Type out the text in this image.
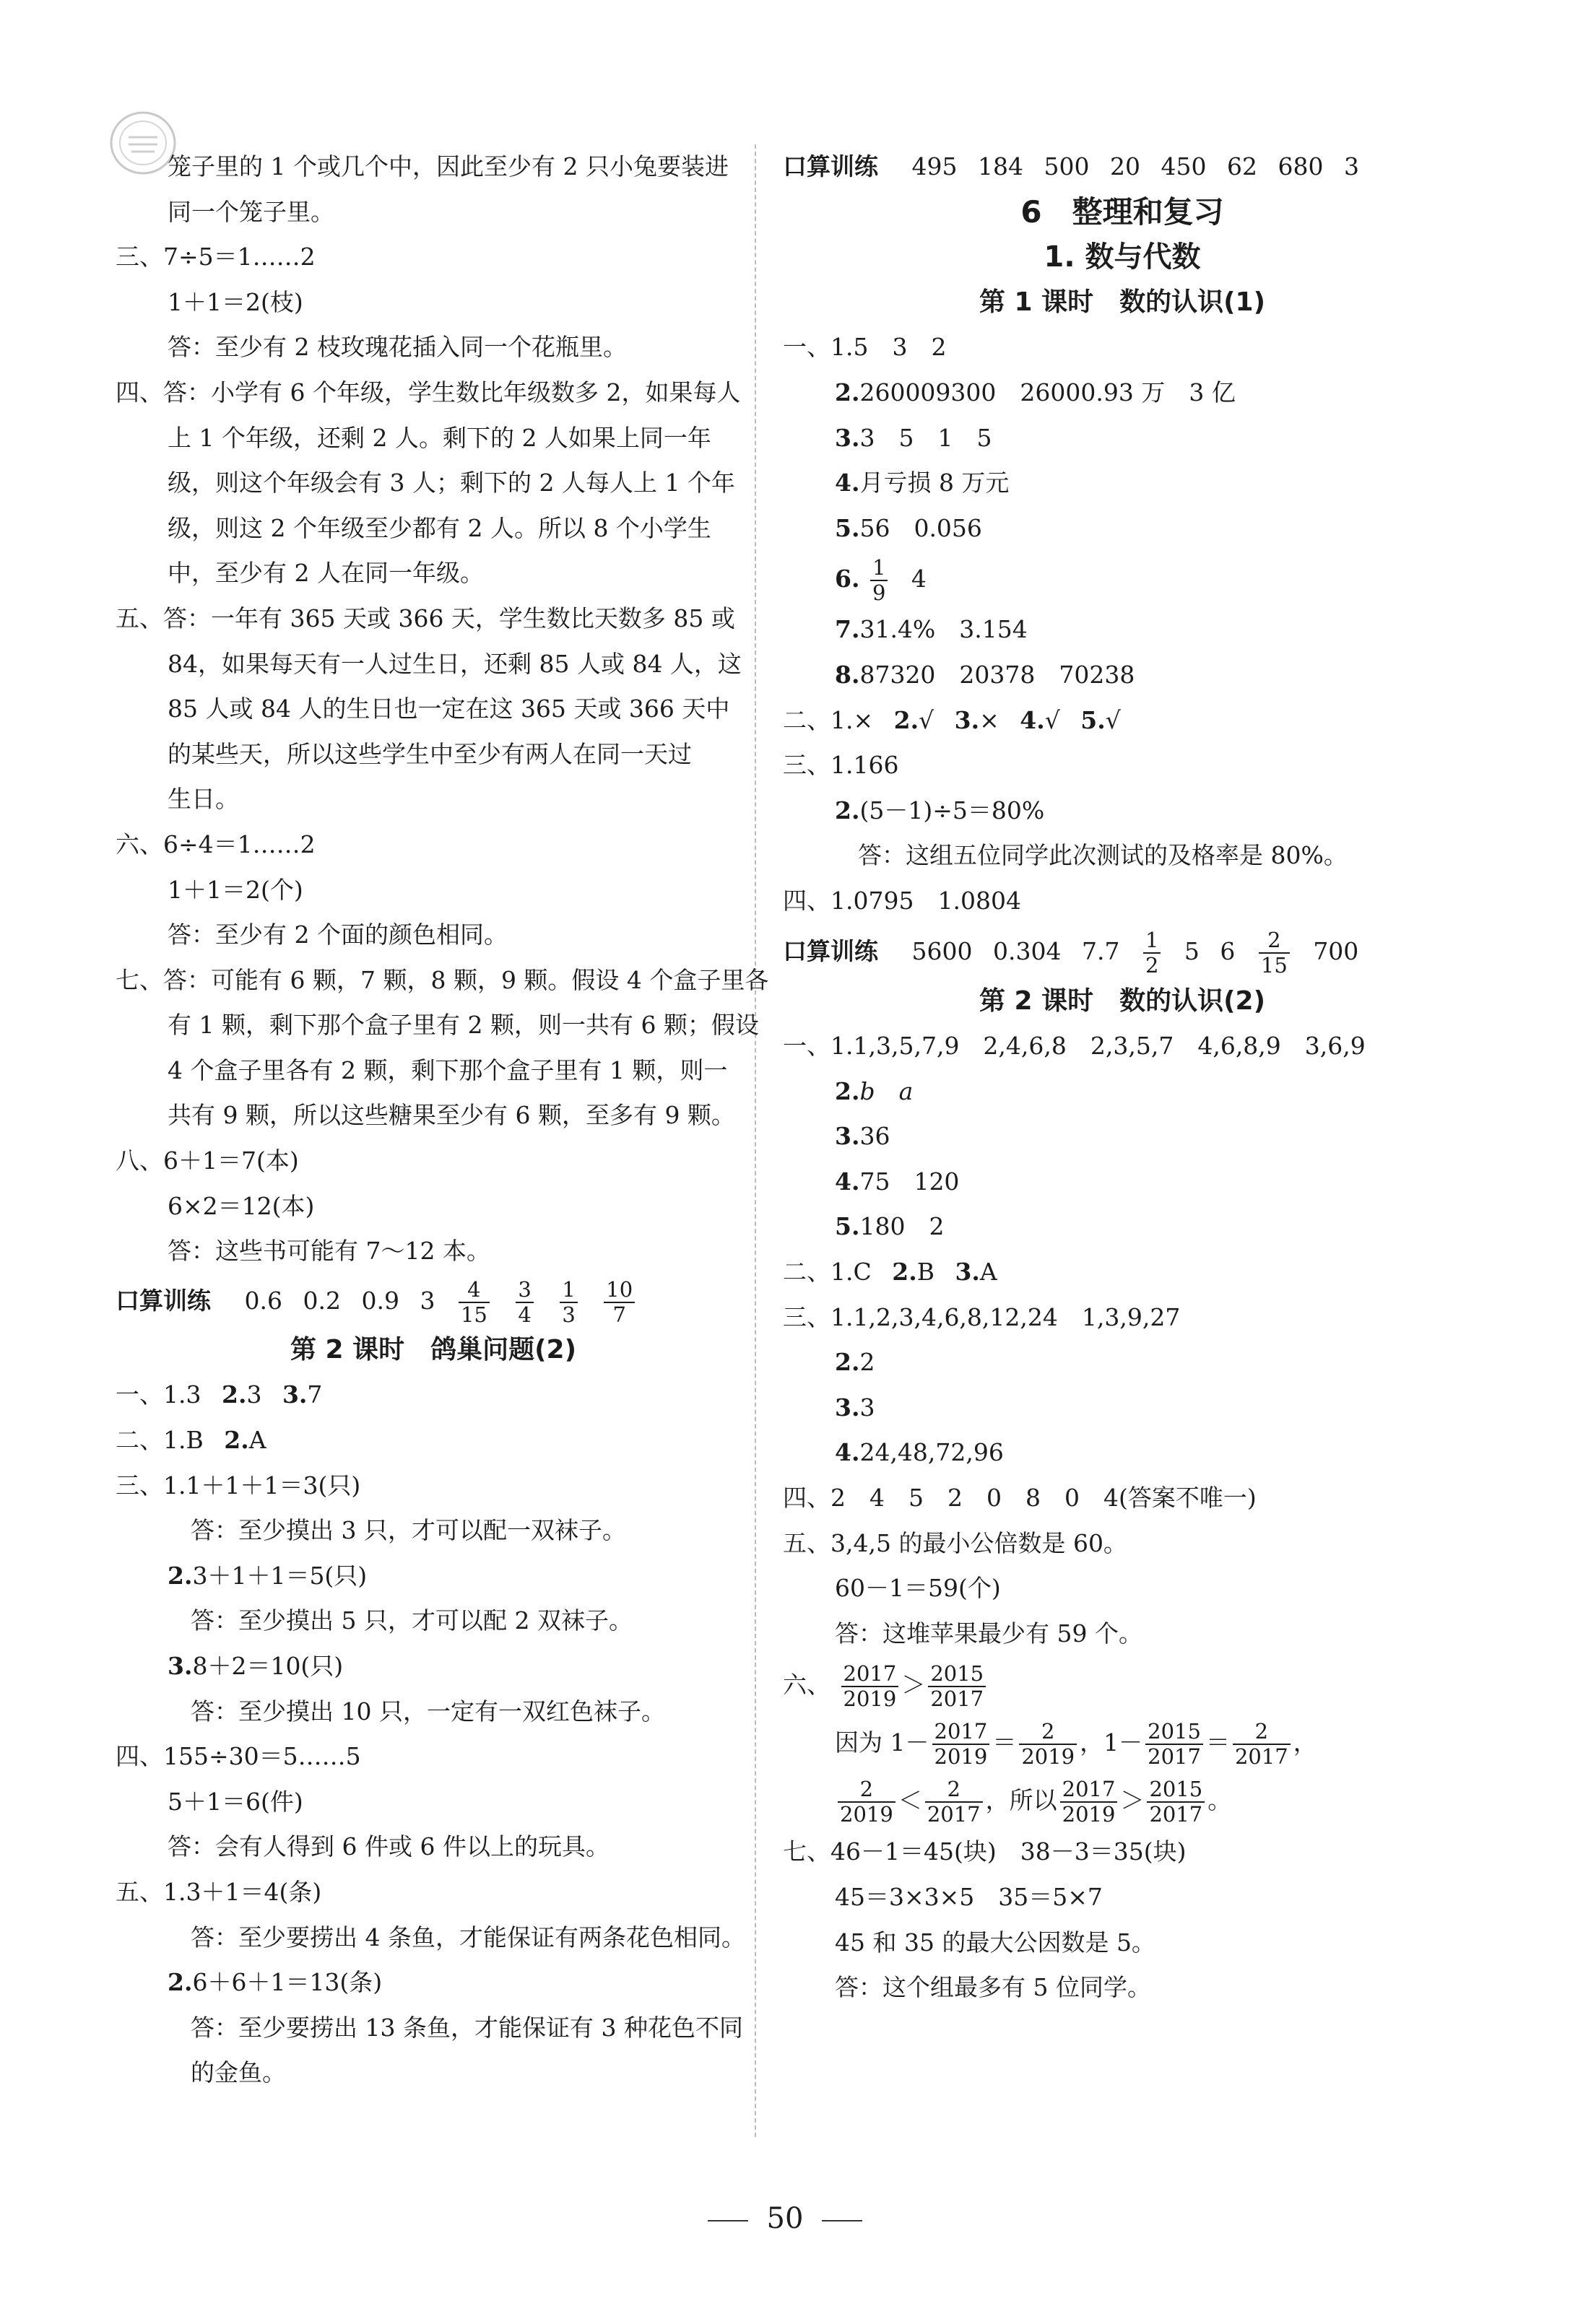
笼子里的 1 个或几个中，因此至少有 2 只小兔要装进
同一个笼子里。
三、7÷5＝1……2
1＋1＝2(枝)
答：至少有 2 枝玫瑰花插入同一个花瓶里。
四、答：小学有 6 个年级，学生数比年级数多 2，如果每人
上 1 个年级，还剩 2 人。剩下的 2 人如果上同一年
级，则这个年级会有 3 人；剩下的 2 人每人上 1 个年
级，则这 2 个年级至少都有 2 人。所以 8 个小学生
中，至少有 2 人在同一年级。
五、答：一年有 365 天或 366 天，学生数比天数多 85 或
84，如果每天有一人过生日，还剩 85 人或 84 人，这
85 人或 84 人的生日也一定在这 365 天或 366 天中
的某些天，所以这些学生中至少有两人在同一天过
生日。
六、6÷4＝1……2
1＋1＝2(个)
答：至少有 2 个面的颜色相同。
七、答：可能有 6 颗，7 颗，8 颗，9 颗。假设 4 个盒子里各
有 1 颗，剩下那个盒子里有 2 颗，则一共有 6 颗；假设
4 个盒子里各有 2 颗，剩下那个盒子里有 1 颗，则一
共有 9 颗，所以这些糖果至少有 6 颗，至多有 9 颗。
八、6＋1＝7(本)
6×2＝12(本)
答：这些书可能有 7～12 本。
口算训练 0.6 0.2 0.9 $3 \frac{4}{15}$
$\frac{3}{4}$
$\frac{1}{3}$
$\frac{10}{7}$
第 2 课时　鸽巢问题(2)
一、1.3 2.3 3.7
二、1.B 2.A
三、1.1＋1＋1＝3(只)
答：至少摸出 3 只，才可以配一双袜子。
2.3＋1＋1＝5(只)
答：至少摸出 5 只，才可以配 2 双袜子。
3.8＋2＝10(只)
答：至少摸出 10 只，一定有一双红色袜子。
四、155÷30＝5……5
5＋1＝6(件)
答：会有人得到 6 件或 6 件以上的玩具。
五、1.3＋1＝4(条)
答：至少要捞出 4 条鱼，才能保证有两条花色相同。
2.6＋6＋1＝13(条)
答：至少要捞出 13 条鱼，才能保证有 3 种花色不同
的金鱼。
口算训练 495 184 500 20 450 62 680 3
6　整理和复习
1. 数与代数
第 1 课时　数的认识(1)
一、1.5　3　2
2.260009300　26000.93 万　3 亿
3.3　5　1　5
4.月亏损 8 万元
5.56　0.056
6. $\frac{1}{9} 4$
7.31.4%　3.154
8.87320　20378　70238
二、1.× 2.√ 3.× 4.√ 5.√
三、1.166
2.(5－1)÷5＝80%
答：这组五位同学此次测试的及格率是 80%。
四、1.0795　1.0804
口算训练 5600 0.304 $7.7 \frac{1}{2} 5$ $6 \frac{2}{15} 700$
第 2 课时　数的认识(2)
一、1.1,3,5,7,9　2,4,6,8　2,3,5,7　4,6,8,9　3,6,9
2.b　a
3.36
4.75　120
5.180　2
二、1.C 2.B 3.A
三、1.1,2,3,4,6,8,12,24　1,3,9,27
2.2
3.3
4.24,48,72,96
四、2　4　5　2　0　8　0　4(答案不唯一)
五、3,4,5 的最小公倍数是 60。
60－1＝59(个)
答：这堆苹果最少有 59 个。
六、 $\frac{2017}{2019} > \frac{2015}{2017}$
因为 $1- \frac{2017}{2019} = \frac{2}{2019}$ ，$1- \frac{2015}{2017} = \frac{2}{2017}$ ，
$\frac{2}{2019} < \frac{2}{2017}$ ，所以 $\frac{2017}{2019} > \frac{2015}{2017}$ 。
七、46－1＝45(块)　38－3＝35(块)
45＝3×3×5　35＝5×7
45 和 35 的最大公因数是 5。
答：这个组最多有 5 位同学。
50
